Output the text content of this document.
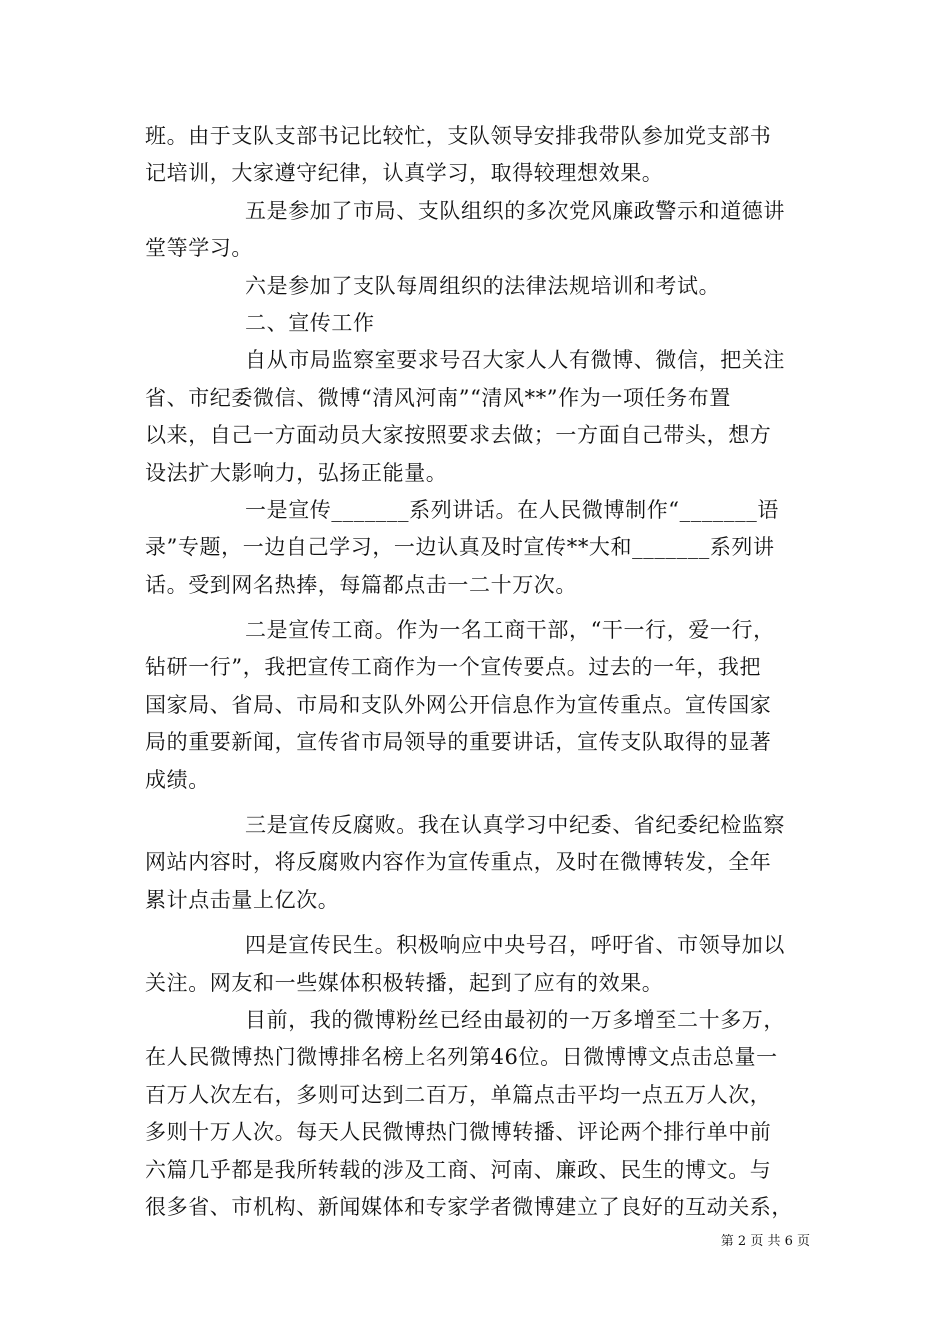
班。由于支队支部书记比较忙，支队领导安排我带队参加党支部书
记培训，大家遵守纪律，认真学习，取得较理想效果。
五是参加了市局、支队组织的多次党风廉政警示和道德讲
堂等学习。
六是参加了支队每周组织的法律法规培训和考试。
二、宣传工作
自从市局监察室要求号召大家人人有微博、微信，把关注
省、市纪委微信、微博“清风河南”“清风**”作为一项任务布置
以来，自己一方面动员大家按照要求去做；一方面自己带头，想方
设法扩大影响力，弘扬正能量。
一是宣传_______系列讲话。在人民微博制作“_______语
录”专题，一边自己学习，一边认真及时宣传**大和_______系列讲
话。受到网名热捧，每篇都点击一二十万次。
二是宣传工商。作为一名工商干部，“干一行，爱一行，
钻研一行”，我把宣传工商作为一个宣传要点。过去的一年，我把
国家局、省局、市局和支队外网公开信息作为宣传重点。宣传国家
局的重要新闻，宣传省市局领导的重要讲话，宣传支队取得的显著
成绩。
三是宣传反腐败。我在认真学习中纪委、省纪委纪检监察
网站内容时，将反腐败内容作为宣传重点，及时在微博转发，全年
累计点击量上亿次。
四是宣传民生。积极响应中央号召，呼吁省、市领导加以
关注。网友和一些媒体积极转播，起到了应有的效果。
目前，我的微博粉丝已经由最初的一万多增至二十多万，
在人民微博热门微博排名榜上名列第46位。日微博博文点击总量一
百万人次左右，多则可达到二百万，单篇点击平均一点五万人次，
多则十万人次。每天人民微博热门微博转播、评论两个排行单中前
六篇几乎都是我所转载的涉及工商、河南、廉政、民生的博文。与
很多省、市机构、新闻媒体和专家学者微博建立了良好的互动关系，
第 2 页 共 6 页
